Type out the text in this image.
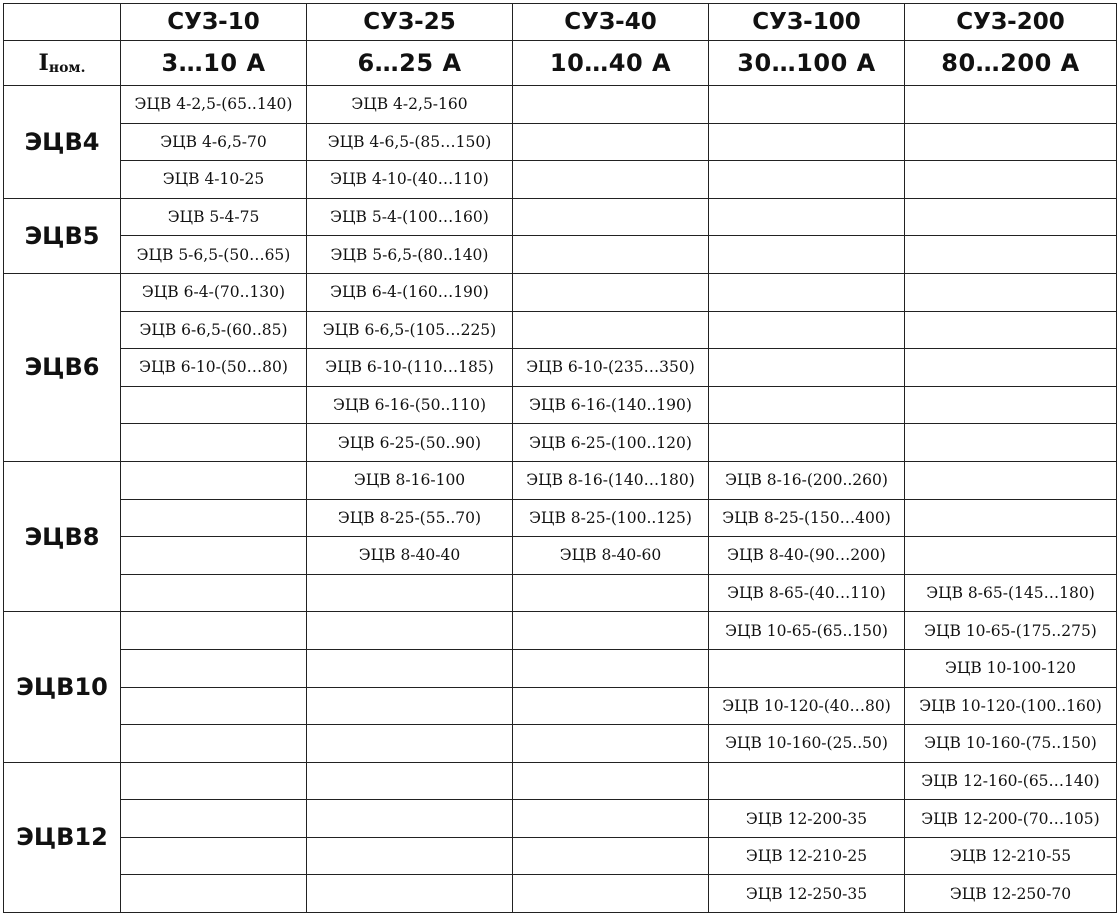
	СУЗ-10	СУЗ-25	СУЗ-40	СУЗ-100	СУЗ-200
$I_{ном.}$	3…10 А	6…25 А	10…40 А	30…100 А	80…200 А
ЭЦВ4	ЭЦВ 4-2,5-(65..140)	ЭЦВ 4-2,5-160			
	ЭЦВ 4-6,5-70	ЭЦВ 4-6,5-(85…150)			
	ЭЦВ 4-10-25	ЭЦВ 4-10-(40…110)			
ЭЦВ5	ЭЦВ 5-4-75	ЭЦВ 5-4-(100…160)			
	ЭЦВ 5-6,5-(50…65)	ЭЦВ 5-6,5-(80..140)			
ЭЦВ6	ЭЦВ 6-4-(70..130)	ЭЦВ 6-4-(160…190)			
	ЭЦВ 6-6,5-(60..85)	ЭЦВ 6-6,5-(105…225)			
	ЭЦВ 6-10-(50…80)	ЭЦВ 6-10-(110…185)	ЭЦВ 6-10-(235…350)		
		ЭЦВ 6-16-(50..110)	ЭЦВ 6-16-(140..190)		
		ЭЦВ 6-25-(50..90)	ЭЦВ 6-25-(100..120)		
ЭЦВ8		ЭЦВ 8-16-100	ЭЦВ 8-16-(140…180)	ЭЦВ 8-16-(200..260)	
		ЭЦВ 8-25-(55..70)	ЭЦВ 8-25-(100..125)	ЭЦВ 8-25-(150…400)	
		ЭЦВ 8-40-40	ЭЦВ 8-40-60	ЭЦВ 8-40-(90…200)	
				ЭЦВ 8-65-(40…110)	ЭЦВ 8-65-(145…180)
ЭЦВ10				ЭЦВ 10-65-(65..150)	ЭЦВ 10-65-(175..275)
					ЭЦВ 10-100-120
				ЭЦВ 10-120-(40…80)	ЭЦВ 10-120-(100..160)
				ЭЦВ 10-160-(25..50)	ЭЦВ 10-160-(75..150)
ЭЦВ12					ЭЦВ 12-160-(65…140)
				ЭЦВ 12-200-35	ЭЦВ 12-200-(70…105)
				ЭЦВ 12-210-25	ЭЦВ 12-210-55
				ЭЦВ 12-250-35	ЭЦВ 12-250-70
